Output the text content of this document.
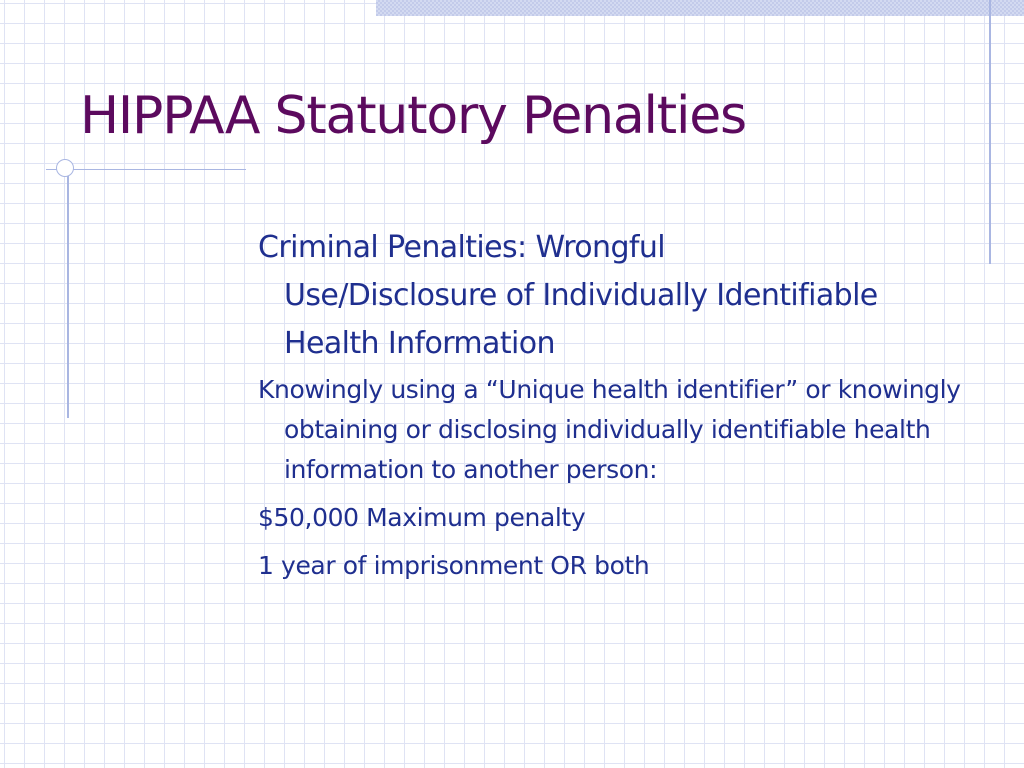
HIPPAA Statutory Penalties

Criminal Penalties: Wrongful Use/Disclosure of Individually Identifiable Health Information

Knowingly using a “Unique health identifier” or knowingly obtaining or disclosing individually identifiable health information to another person:

$50,000 Maximum penalty

1 year of imprisonment OR both
